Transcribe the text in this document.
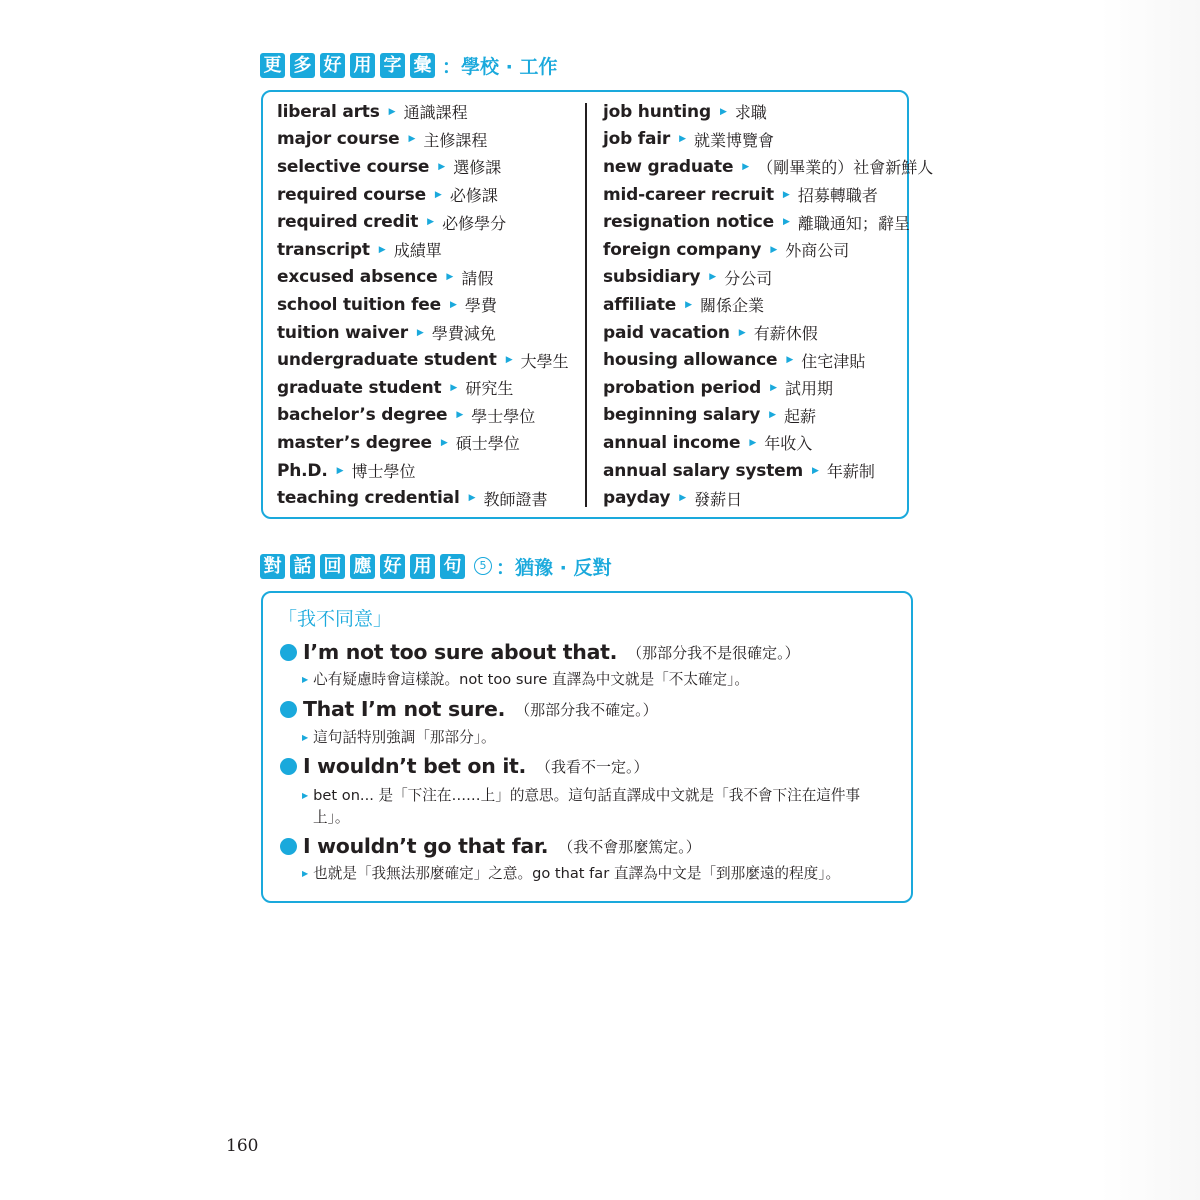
更 多 好 用 字 彙 ：學校 · 工作
liberal arts ▶ 通識課程
major course ▶ 主修課程
selective course ▶ 選修課
required course ▶ 必修課
required credit ▶ 必修學分
transcript ▶ 成績單
excused absence ▶ 請假
school tuition fee ▶ 學費
tuition waiver ▶ 學費減免
undergraduate student ▶ 大學生
graduate student ▶ 研究生
bachelor’s degree ▶ 學士學位
master’s degree ▶ 碩士學位
Ph.D. ▶ 博士學位
teaching credential ▶ 教師證書
job hunting ▶ 求職
job fair ▶ 就業博覽會
new graduate ▶ （剛畢業的）社會新鮮人
mid-career recruit ▶ 招募轉職者
resignation notice ▶ 離職通知；辭呈
foreign company ▶ 外商公司
subsidiary ▶ 分公司
affiliate ▶ 關係企業
paid vacation ▶ 有薪休假
housing allowance ▶ 住宅津貼
probation period ▶ 試用期
beginning salary ▶ 起薪
annual income ▶ 年收入
annual salary system ▶ 年薪制
payday ▶ 發薪日
對 話 回 應 好 用 句	5 ：猶豫 · 反對
「我不同意」
I’m not too sure about that. （那部分我不是很確定。）
▶ 心有疑慮時會這樣說。not too sure 直譯為中文就是「不太確定」。
That I’m not sure. （那部分我不確定。）
▶ 這句話特別強調「那部分」。
I wouldn’t bet on it. （我看不一定。）
▶ bet on... 是「下注在……上」的意思。這句話直譯成中文就是「我不會下注在這件事上」。
I wouldn’t go that far. （我不會那麼篤定。）
▶ 也就是「我無法那麼確定」之意。go that far 直譯為中文是「到那麼遠的程度」。
160
